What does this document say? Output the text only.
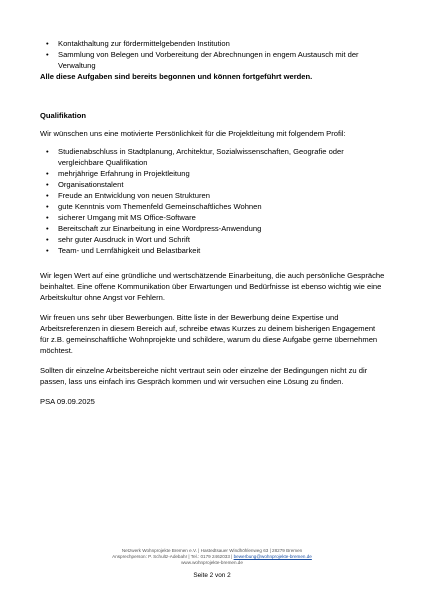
• Kontakthaltung zur fördermittelgebenden Institution
• Sammlung von Belegen und Vorbereitung der Abrechnungen in engem Austausch mit der Verwaltung
Alle diese Aufgaben sind bereits begonnen und können fortgeführt werden.
Qualifikation
Wir wünschen uns eine motivierte Persönlichkeit für die Projektleitung mit folgendem Profil:
• Studienabschluss in Stadtplanung, Architektur, Sozialwissenschaften, Geografie oder vergleichbare Qualifikation
• mehrjährige Erfahrung in Projektleitung
• Organisationstalent
• Freude an Entwicklung von neuen Strukturen
• gute Kenntnis vom Themenfeld Gemeinschaftliches Wohnen
• sicherer Umgang mit MS Office-Software
• Bereitschaft zur Einarbeitung in eine Wordpress-Anwendung
• sehr guter Ausdruck in Wort und Schrift
• Team- und Lernfähigkeit und Belastbarkeit
Wir legen Wert auf eine gründliche und wertschätzende Einarbeitung, die auch persönliche Gespräche beinhaltet. Eine offene Kommunikation über Erwartungen und Bedürfnisse ist ebenso wichtig wie eine Arbeitskultur ohne Angst vor Fehlern.
Wir freuen uns sehr über Bewerbungen. Bitte liste in der Bewerbung deine Expertise und Arbeitsreferenzen in diesem Bereich auf, schreibe etwas Kurzes zu deinem bisherigen Engagement für z.B. gemeinschaftliche Wohnprojekte und schildere, warum du diese Aufgabe gerne übernehmen möchtest.
Sollten dir einzelne Arbeitsbereiche nicht vertraut sein oder einzelne der Bedingungen nicht zu dir passen, lass uns einfach ins Gespräch kommen und wir versuchen eine Lösung zu finden.
PSA 09.09.2025
Netzwerk Wohnprojekte Bremen e.V. | Hastedtsauer Windhöhlenweg 63 | 28279 Bremen
Ansprechperson: P. Schultz-Adebahr | Tel.: 0179 2462033 | bewerbung@wohnprojekte-bremen.de
www.wohnprojekte-bremen.de
Seite 2 von 2
